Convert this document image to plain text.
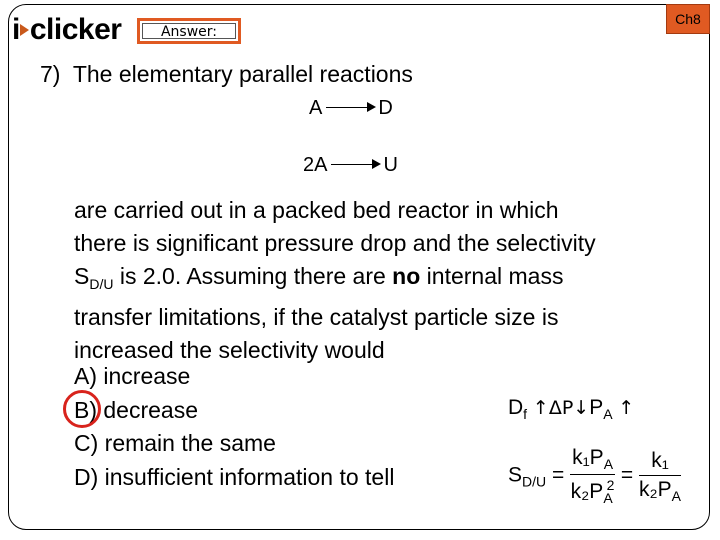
i clicker	Answer:
Ch8
7) The elementary parallel reactions
A → D
2A → U

are carried out in a packed bed reactor in which

there is significant pressure drop and the selectivity

$S_{D/U}$ is 2.0. Assuming there are no internal mass

transfer limitations, if the catalyst particle size is

increased the selectivity would

A) increase
B) decrease
C) remain the same
D) insufficient information to tell
$D_f$ $↑\Delta P↓P_A$ ↑
$S_{D/U} = \frac{k_1P_A}{k_2P_A^2} = \frac{\text{k₁}}{k_2P_A}$
